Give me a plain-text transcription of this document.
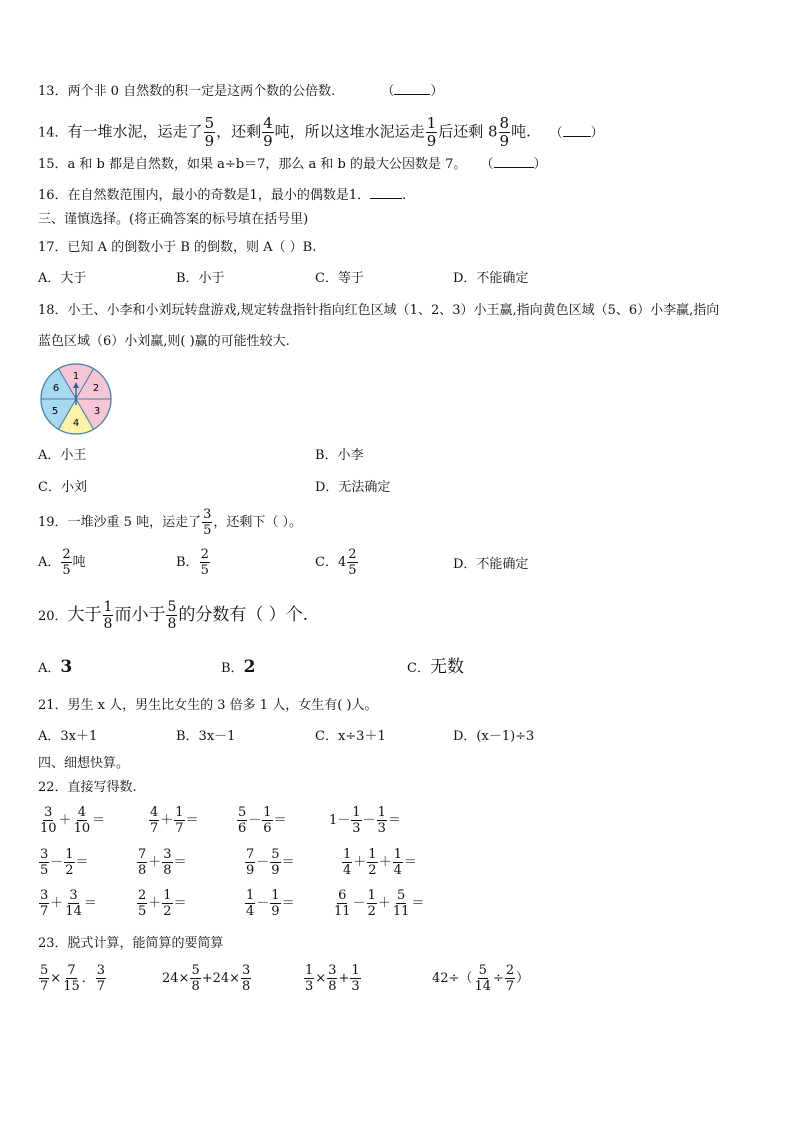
13．两个非 0 自然数的积一定是这两个数的公倍数.	（	）
14．有一堆水泥，运走了 $\frac{5}{9}$ ，还剩 $\frac{4}{9}$ 吨，所以这堆水泥运走 $\frac{1}{9}$ 后还剩 $8 \frac{8}{9}$ 吨. （ ）
15．a 和 b 都是自然数，如果 a÷b＝7，那么 a 和 b 的最大公因数是 7。 （	）
16．在自然数范围内，最小的奇数是1，最小的偶数是1． .
三、谨慎选择。(将正确答案的标号填在括号里)
17．已知 A 的倒数小于 B 的倒数，则 A（ ）B.
A．大于	B．小于	C．等于	D．不能确定
18．小王、小李和小刘玩转盘游戏,规定转盘指针指向红色区域（1、2、3）小王赢,指向黄色区域（5、6）小李赢,指向
蓝色区域（6）小刘赢,则( )赢的可能性较大.
1
2
3
4
5
6
A．小王	B．小李
C．小刘	D．无法确定
19．一堆沙重 5 吨，运走了 $\frac{3}{5}$ ，还剩下（ ）。
A． $\frac{2}{5}$ 吨	B． $\frac{2}{5}$	C．$4 \frac{2}{5}$	D．不能确定
20．大于 $\frac{1}{8}$ 而小于 $\frac{5}{8}$ 的分数有（ ）个.
A．3	B．2	C．无数
21．男生 x 人，男生比女生的 3 倍多 1 人，女生有( )人。
A．3x＋1	B．3x－1	C．x÷3＋1	D．(x－1)÷3
四、细想快算。
22．直接写得数.
$\frac{3}{10} + \frac{4}{10}$ ＝	$\frac{4}{7} + \frac{1}{7}$ ＝	$\frac{5}{6} - \frac{1}{6}$ ＝	$1- \frac{1}{3} - \frac{1}{3}$ ＝
$\frac{3}{5} - \frac{1}{2}$ ＝	$\frac{7}{8} + \frac{3}{8}$ ＝	$\frac{7}{9} - \frac{5}{9}$ ＝	$\frac{1}{4} + \frac{1}{2} + \frac{1}{4}$ ＝
$\frac{3}{7} + \frac{3}{14}$ ＝	$\frac{2}{5} + \frac{1}{2}$ ＝	$\frac{1}{4} - \frac{1}{9}$ ＝	$\frac{6}{11} - \frac{1}{2} + \frac{5}{11}$ ＝
23．脱式计算，能简算的要简算
$\frac{5}{7} \times \frac{7}{15}$ ． $\frac{3}{7}$	$24\times \frac{5}{8} +24\times \frac{3}{8}$	$\frac{1}{3} \times \frac{3}{8} + \frac{1}{3}$	$42\div( \frac{5}{14} \div \frac{2}{7}$ ）
